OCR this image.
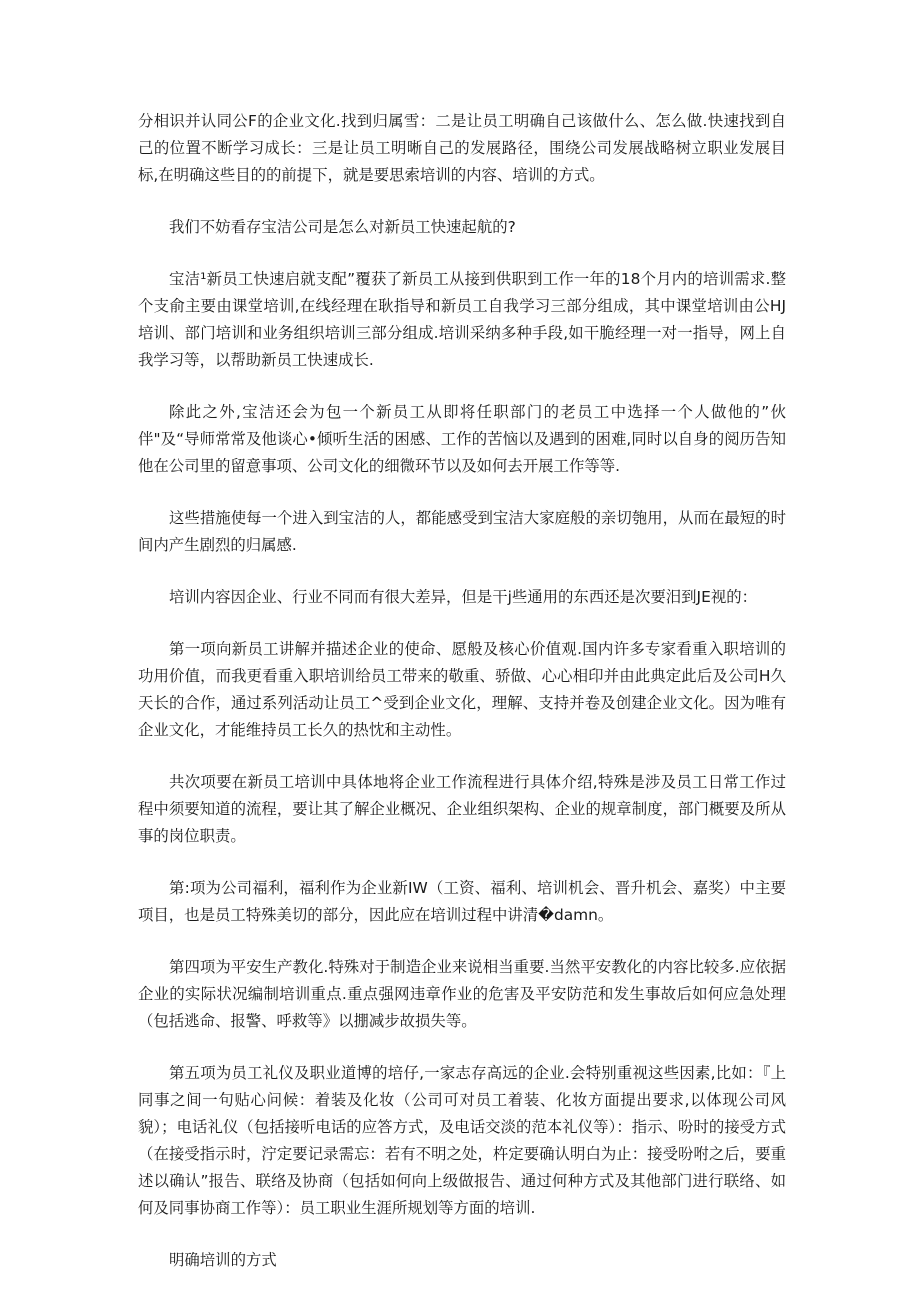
分相识并认同公F的企业文化.找到归属雪：二是让员工明确自己该做什么、怎么做.快速找到自己的位置不断学习成长：三是让员工明晰自己的发展路径，围绕公司发展战略树立职业发展目标,在明确这些目的的前提下，就是要思索培训的内容、培训的方式。

我们不妨看存宝洁公司是怎么对新员工快速起航的?

宝洁¹新员工快速启就支配”覆获了新员工从接到供职到工作一年的18个月内的培训需求.整个支俞主要由课堂培训,在线经理在耿指导和新员工自我学习三部分组成，其中课堂培训由公HJ培训、部门培训和业务组织培训三部分组成.培训采纳多种手段,如干脆经理一对一指导，网上自我学习等，以帮助新员工快速成长.

除此之外,宝洁还会为包一个新员工从即将任职部门的老员工中选择一个人做他的”伙伴"及“导师常常及他谈心•倾听生活的困感、工作的苦恼以及遇到的困难,同时以自身的阅历告知他在公司里的留意事项、公司文化的细微环节以及如何去开展工作等等.

这些措施使每一个进入到宝洁的人，都能感受到宝洁大家庭般的亲切匏用，从而在最短的时间内产生剧烈的归属感.

培训内容因企业、行业不同而有很大差异，但是干j些通用的东西还是次要汨到JE视的：

第一项向新员工讲解并描述企业的使命、愿般及核心价值观.国内许多专家看重入职培训的功用价值，而我更看重入职培训给员工带来的敬重、骄做、心心相印并由此典定此后及公司H久天长的合作，通过系列活动让员工^受到企业文化，理解、支持并卷及创建企业文化。因为唯有企业文化，才能维持员工长久的热忱和主动性。

共次项要在新员工培训中具体地将企业工作流程进行具体介绍,特殊是涉及员工日常工作过程中须要知道的流程，要让其了解企业概况、企业组织架构、企业的规章制度，部门概要及所从事的岗位职责。

第:项为公司福利，福利作为企业新IW（工资、福利、培训机会、晋升机会、嘉奖）中主要项目，也是员工特殊美切的部分，因此应在培训过程中讲清�damn。

第四项为平安生产教化.特殊对于制造企业来说相当重要.当然平安教化的内容比较多.应依据企业的实际状况编制培训重点.重点强网违章作业的危害及平安防范和发生事故后如何应急处理（包括逃命、报警、呼救等》以掤减步故损失等。

第五项为员工礼仪及职业道博的培仔,一家志存高远的企业.会特别重视这些因素,比如：『上同事之间一句贴心问候：着装及化妆（公司可对员工着装、化妆方面提出要求,以体现公司风貌）；电话礼仪（包括接听电话的应答方式，及电话交淡的范本礼仪等）：指示、吩时的接受方式（在接受指示时，泞定要记录需忘：若有不明之处，杵定要确认明白为止：接受吩咐之后，要重述以确认”报告、联络及协商（包括如何向上级做报告、通过何种方式及其他部门进行联络、如何及同事协商工作等）：员工职业生涯所规划等方面的培训.

明确培训的方式
